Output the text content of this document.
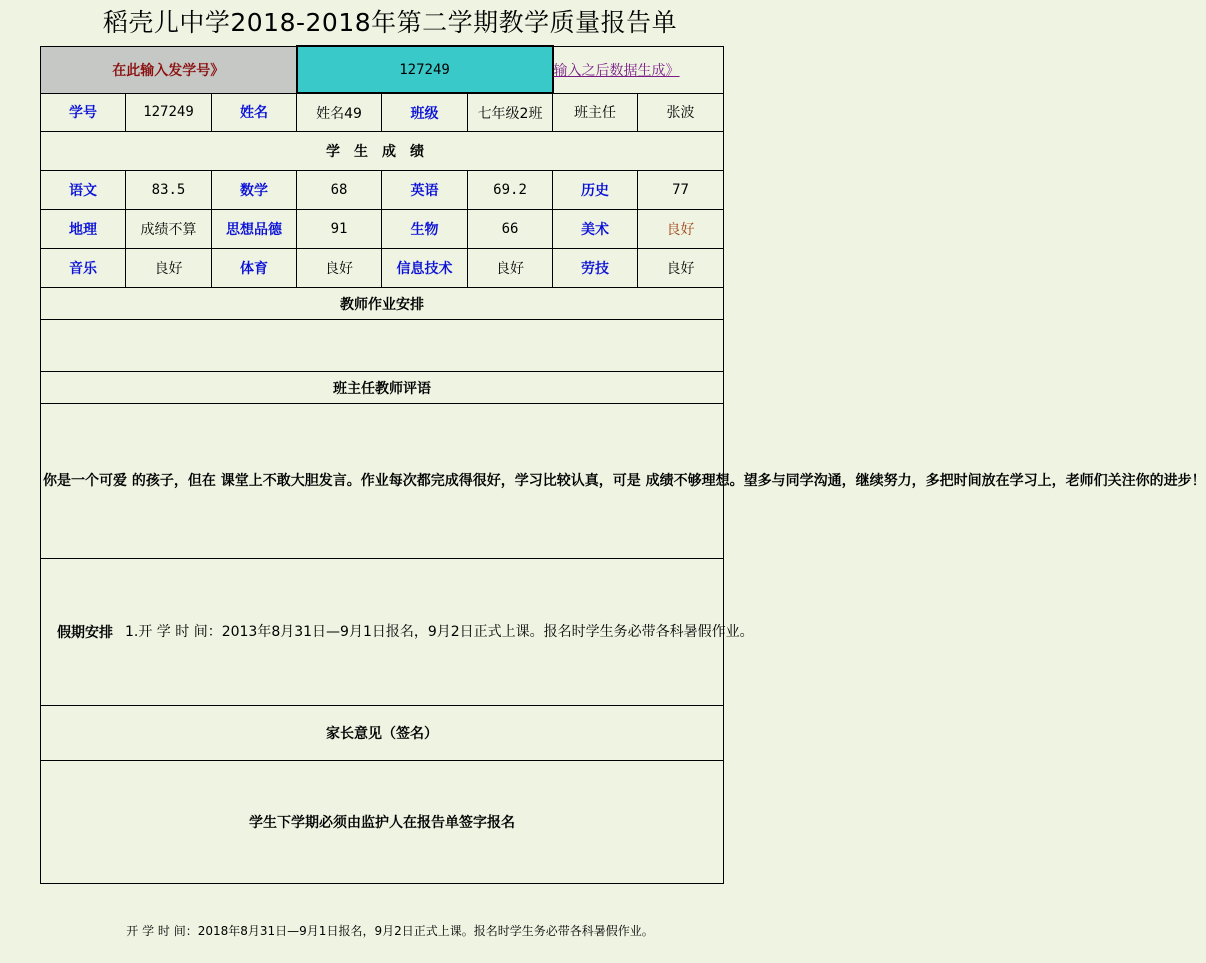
稻壳儿中学2018-2018年第二学期教学质量报告单
在此输入发学号》			127249			输入之后数据生成》	
学号	127249	姓名	姓名49	班级	七年级2班	班主任	张波
学生成绩							
语文	83.5	数学	68	英语	69.2	历史	77
地理	成绩不算	思想品德	91	生物	66	美术	良好
音乐	良好	体育	良好	信息技术	良好	劳技	良好
教师作业安排							

班主任教师评语							

你是一个可爱 的孩子，但在 课堂上不敢大胆发言。作业每次都完成得很好，学习比较认真，可是 成绩不够理想。望多与同学沟通，继续努力，多把时间放在学习上，老师们关注你的进步！							

假期安排 1.开 学 时 间：2013年8月31日—9月1日报名，9月2日正式上课。报名时学生务必带各科暑假作业。							

家长意见（签名）							
学生下学期必须由监护人在报告单签字报名							
开 学 时 间：2018年8月31日—9月1日报名，9月2日正式上课。报名时学生务必带各科暑假作业。
